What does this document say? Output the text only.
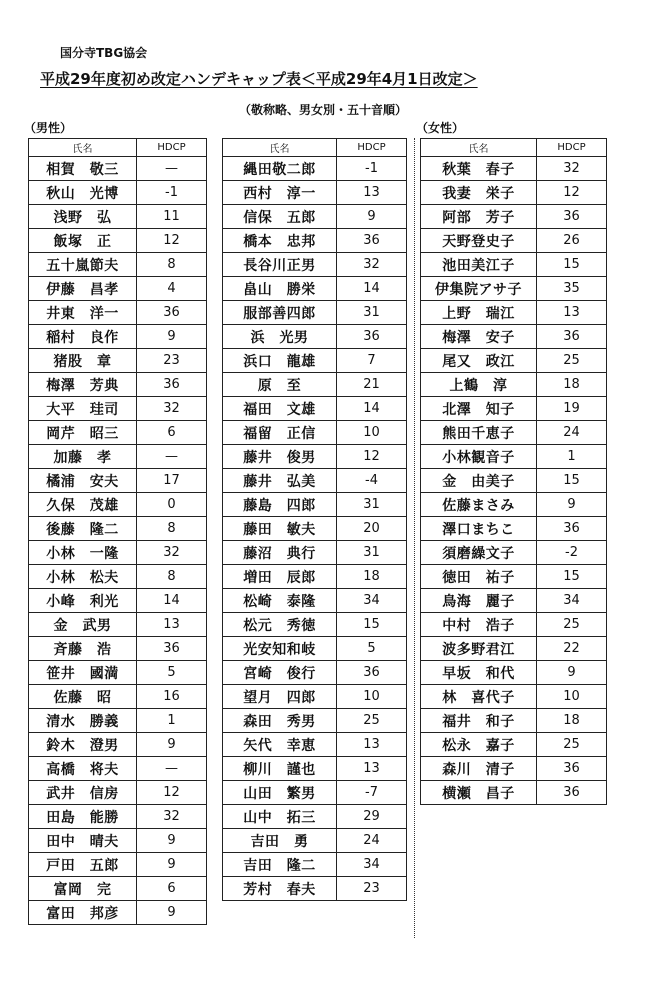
国分寺TBG協会
平成29年度初め改定ハンデキャップ表＜平成29年4月1日改定＞
（敬称略、男女別・五十音順）
（男性）	（女性）
氏名	HDCP
相賀　敬三	—
秋山　光博	-1
浅野　弘	11
飯塚　正	12
五十嵐節夫	8
伊藤　昌孝	4
井東　洋一	36
稲村　良作	9
猪股　章	23
梅澤　芳典	36
大平　珪司	32
岡芹　昭三	6
加藤　孝	—
橘浦　安夫	17
久保　茂雄	0
後藤　隆二	8
小林　一隆	32
小林　松夫	8
小峰　利光	14
金　武男	13
斉藤　浩	36
笹井　國満	5
佐藤　昭	16
清水　勝義	1
鈴木　澄男	9
高橋　将夫	—
武井　信房	12
田島　能勝	32
田中　晴夫	9
戸田　五郎	9
富岡　完	6
富田　邦彦	9
氏名	HDCP
縄田敬二郎	-1
西村　淳一	13
信保　五郎	9
橋本　忠邦	36
長谷川正男	32
畠山　勝栄	14
服部善四郎	31
浜　光男	36
浜口　龍雄	7
原　至	21
福田　文雄	14
福留　正信	10
藤井　俊男	12
藤井　弘美	-4
藤島　四郎	31
藤田　敏夫	20
藤沼　典行	31
増田　辰郎	18
松崎　泰隆	34
松元　秀徳	15
光安知和岐	5
宮崎　俊行	36
望月　四郎	10
森田　秀男	25
矢代　幸恵	13
柳川　謹也	13
山田　繁男	-7
山中　拓三	29
吉田　勇	24
吉田　隆二	34
芳村　春夫	23
氏名	HDCP
秋葉　春子	32
我妻　栄子	12
阿部　芳子	36
天野登史子	26
池田美江子	15
伊集院アサ子	35
上野　瑞江	13
梅澤　安子	36
尾又　政江	25
上鶴　淳	18
北澤　知子	19
熊田千恵子	24
小林観音子	1
金　由美子	15
佐藤まさみ	9
澤口まちこ	36
須磨繰文子	-2
徳田　祐子	15
鳥海　麗子	34
中村　浩子	25
波多野君江	22
早坂　和代	9
林　喜代子	10
福井　和子	18
松永　嘉子	25
森川　清子	36
横瀬　昌子	36
